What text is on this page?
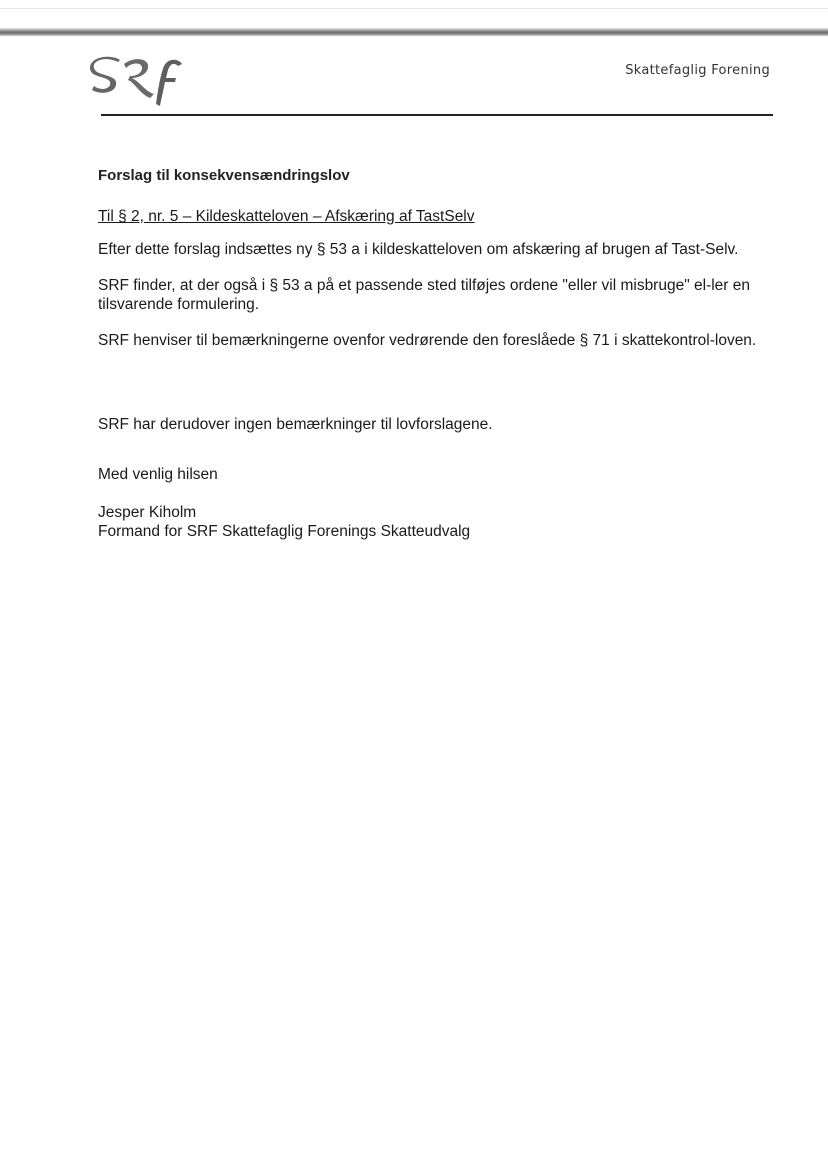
Skattefaglig Forening

Forslag til konsekvensændringslov

Til § 2, nr. 5 – Kildeskatteloven – Afskæring af TastSelv

Efter dette forslag indsættes ny § 53 a i kildeskatteloven om afskæring af brugen af Tast-Selv.

SRF finder, at der også i § 53 a på et passende sted tilføjes ordene "eller vil misbruge" el-ler en tilsvarende formulering.

SRF henviser til bemærkningerne ovenfor vedrørende den foreslåede § 71 i skattekontrol-loven.

SRF har derudover ingen bemærkninger til lovforslagene.

Med venlig hilsen

Jesper Kiholm

Formand for SRF Skattefaglig Forenings Skatteudvalg
